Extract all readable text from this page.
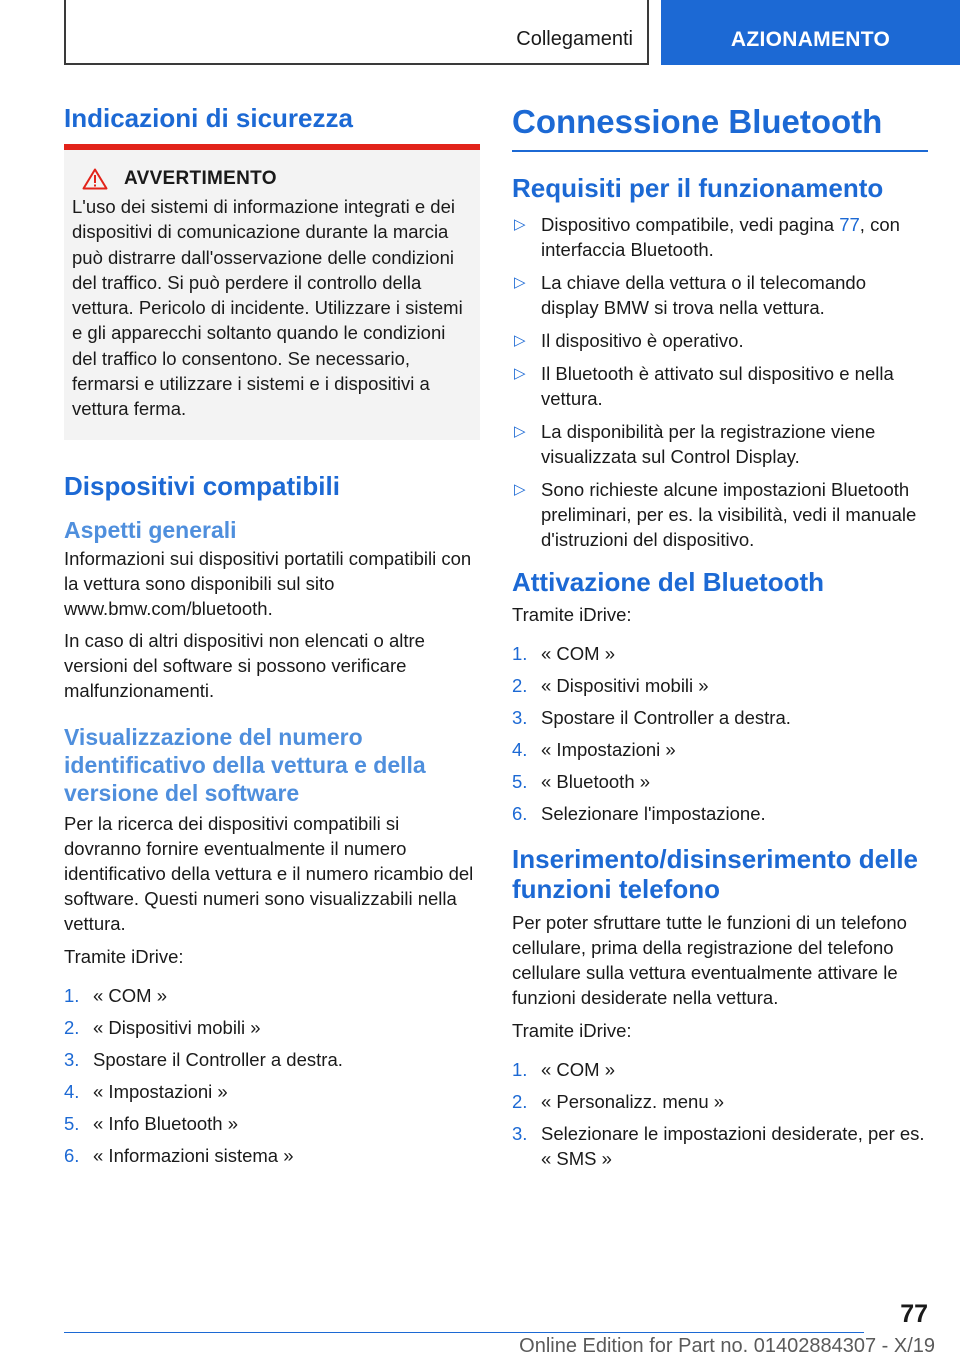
Collegamenti	AZIONAMENTO
Indicazioni di sicurezza
AVVERTIMENTO
L'uso dei sistemi di informazione integrati e dei dispositivi di comunicazione durante la marcia può distrarre dall'osservazione delle condizioni del traffico. Si può perdere il controllo della vettura. Pericolo di incidente. Utilizzare i sistemi e gli apparecchi soltanto quando le condizioni del traffico lo consentono. Se necessario, fermarsi e utilizzare i sistemi e i dispositivi a vettura ferma.
Dispositivi compatibili
Aspetti generali

Informazioni sui dispositivi portatili compatibili con la vettura sono disponibili sul sito www.bmw.com/bluetooth.

In caso di altri dispositivi non elencati o altre versioni del software si possono verificare malfunzionamenti.

Visualizzazione del numero identificativo della vettura e della versione del software

Per la ricerca dei dispositivi compatibili si dovranno fornire eventualmente il numero identificativo della vettura e il numero ricambio del software. Questi numeri sono visualizzabili nella vettura.

Tramite iDrive:

1. « COM »
2. « Dispositivi mobili »
3. Spostare il Controller a destra.
4. « Impostazioni »
5. « Info Bluetooth »
6. « Informazioni sistema »
Connessione Bluetooth
Requisiti per il funzionamento
▷ Dispositivo compatibile, vedi pagina 77, con interfaccia Bluetooth.
▷ La chiave della vettura o il telecomando display BMW si trova nella vettura.
▷ Il dispositivo è operativo.
▷ Il Bluetooth è attivato sul dispositivo e nella vettura.
▷ La disponibilità per la registrazione viene visualizzata sul Control Display.
▷ Sono richieste alcune impostazioni Bluetooth preliminari, per es. la visibilità, vedi il manuale d'istruzioni del dispositivo.
Attivazione del Bluetooth

Tramite iDrive:

1. « COM »
2. « Dispositivi mobili »
3. Spostare il Controller a destra.
4. « Impostazioni »
5. « Bluetooth »
6. Selezionare l'impostazione.
Inserimento/disinserimento delle funzioni telefono

Per poter sfruttare tutte le funzioni di un telefono cellulare, prima della registrazione del telefono cellulare sulla vettura eventualmente attivare le funzioni desiderate nella vettura.

Tramite iDrive:

1. « COM »
2. « Personalizz. menu »
3. Selezionare le impostazioni desiderate, per es. « SMS »
77
Online Edition for Part no. 01402884307 - X/19
